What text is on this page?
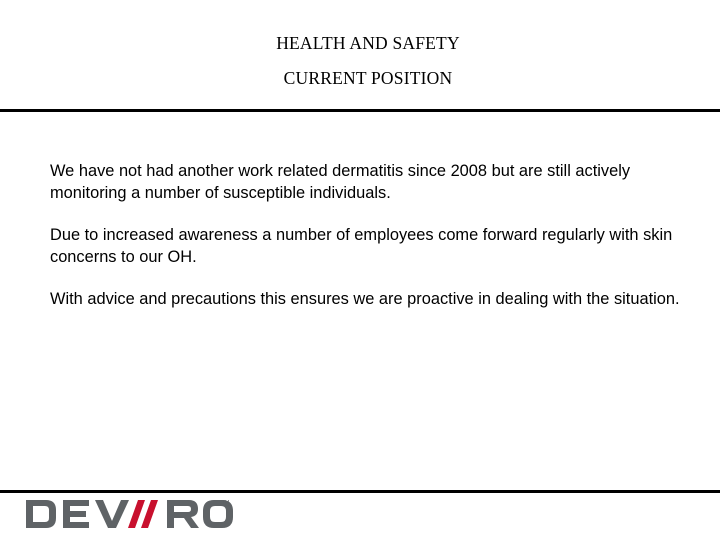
HEALTH AND SAFETY
CURRENT POSITION

We have not had another work related dermatitis since 2008 but are still actively monitoring a number of susceptible individuals.

Due to increased awareness a number of employees come forward regularly with skin concerns to our OH.

With advice and precautions this ensures we are proactive in dealing with the situation.

TM
